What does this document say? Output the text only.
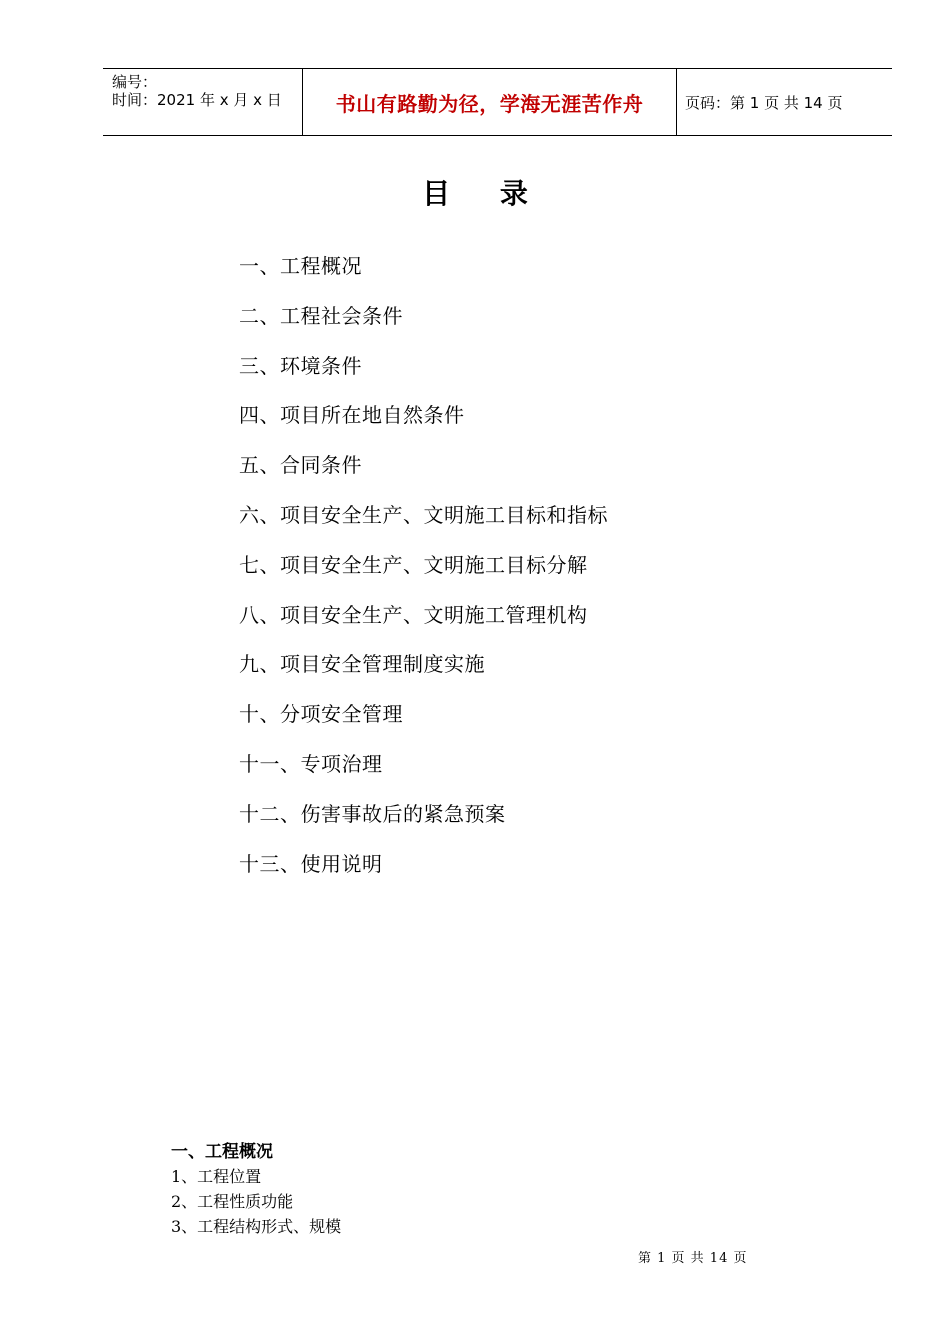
编号：
时间：2021 年 x 月 x 日	书山有路勤为径，学海无涯苦作舟	页码：第 1 页 共 14 页
目 录
一、工程概况
二、工程社会条件
三、环境条件
四、项目所在地自然条件
五、合同条件
六、项目安全生产、文明施工目标和指标
七、项目安全生产、文明施工目标分解
八、项目安全生产、文明施工管理机构
九、项目安全管理制度实施
十、分项安全管理
十一、专项治理
十二、伤害事故后的紧急预案
十三、使用说明
一、工程概况
1、工程位置
2、工程性质功能
3、工程结构形式、规模
第 1 页 共 14 页
